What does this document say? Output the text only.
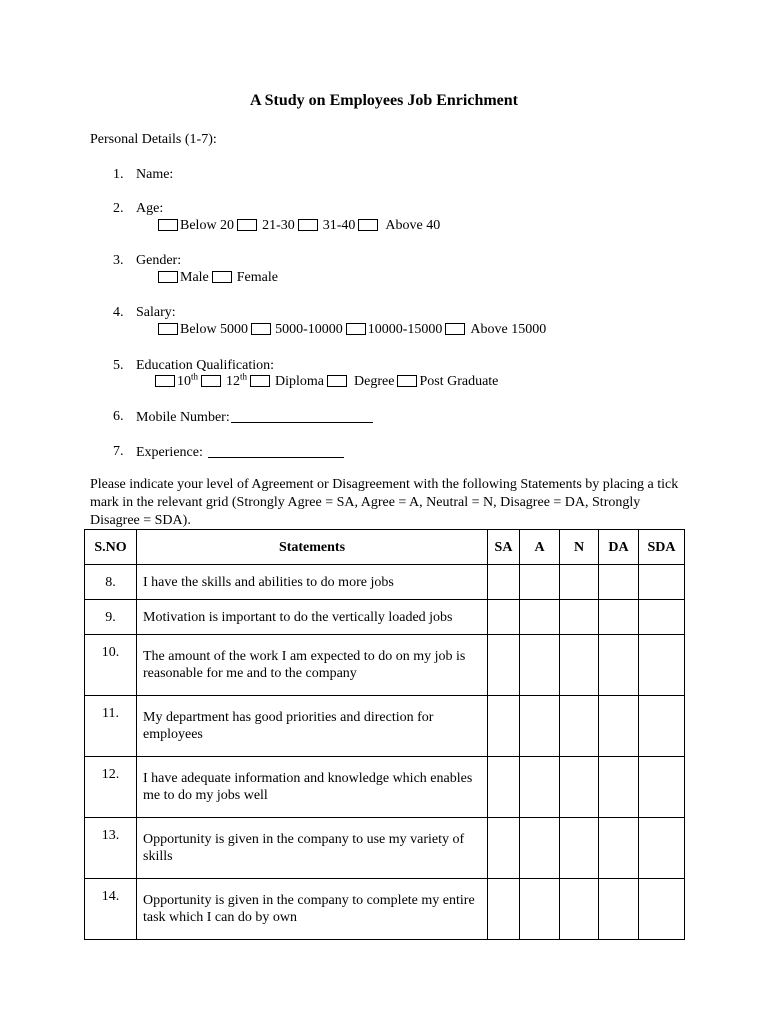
A Study on Employees Job Enrichment
Personal Details (1-7):
1. Name:
2. Age:
Below 20 21-30 31-40 Above 40
3. Gender:
Male Female
4. Salary:
Below 5000 5000-10000 10000-15000 Above 15000
5. Education Qualification:
10th 12th Diploma Degree Post Graduate
6. Mobile Number:
7. Experience:
Please indicate your level of Agreement or Disagreement with the following Statements by placing a tick mark in the relevant grid (Strongly Agree = SA, Agree = A, Neutral = N, Disagree = DA, Strongly Disagree = SDA).
S.NO	Statements	SA	A	N	DA	SDA
8.	I have the skills and abilities to do more jobs					
9.	Motivation is important to do the vertically loaded jobs					
10.	The amount of the work I am expected to do on my job is reasonable for me and to the company					
11.	My department has good priorities and direction for employees					
12.	I have adequate information and knowledge which enables me to do my jobs well					
13.	Opportunity is given in the company to use my variety of skills					
14.	Opportunity is given in the company to complete my entire task which I can do by own					
